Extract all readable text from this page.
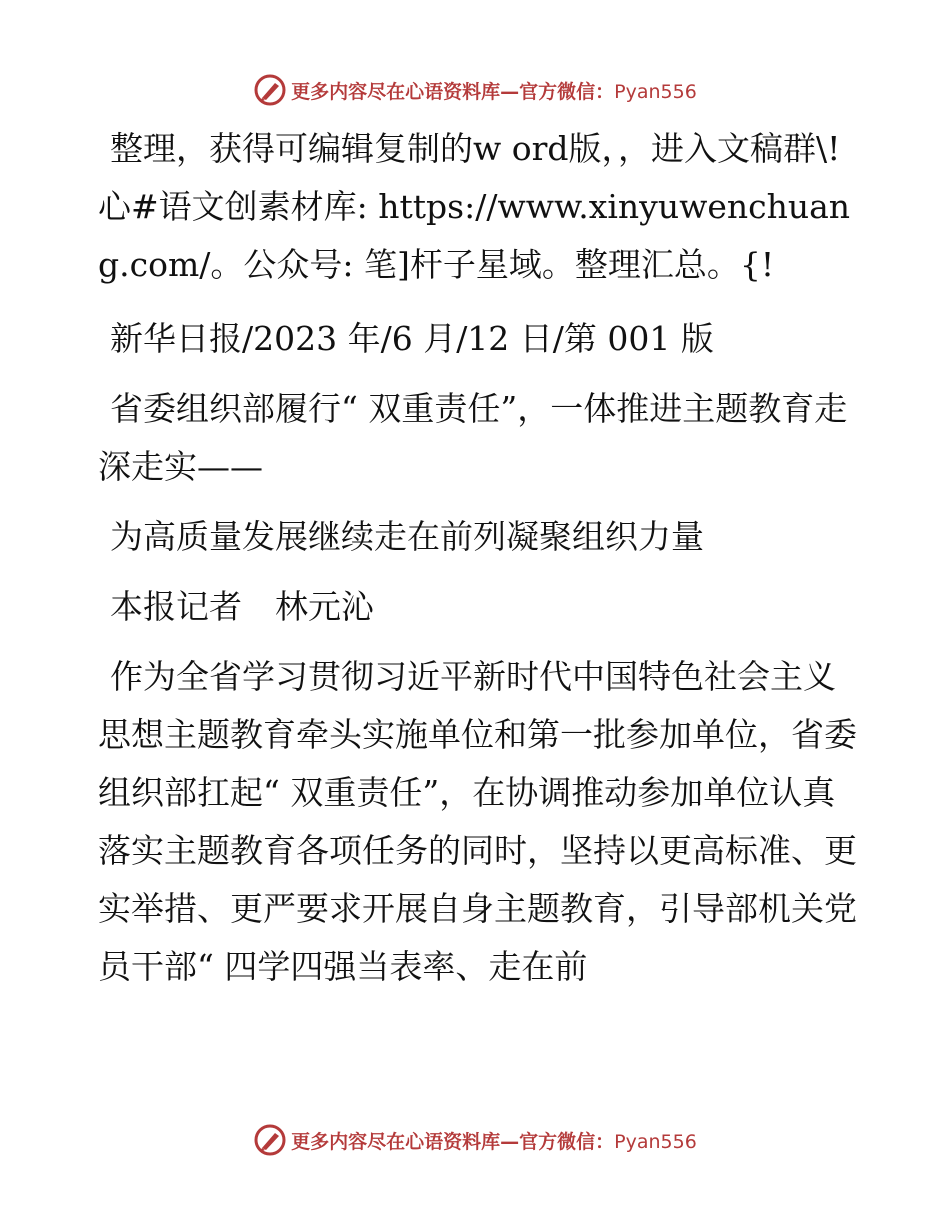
更多内容尽在心语资料库—官方微信：Pyan556

整理，获得可编辑复制的w ord版，，进入文稿群\! 心#语文创素材库: https://www.xinyuwenchuang.com/。公众号: 笔]杆子星域。整理汇总。{!

新华日报/2023 年/6 月/12 日/第 001 版

省委组织部履行“ 双重责任”，一体推进主题教育走深走实——

为高质量发展继续走在前列凝聚组织力量

本报记者　林元沁

作为全省学习贯彻习近平新时代中国特色社会主义思想主题教育牵头实施单位和第一批参加单位，省委组织部扛起“ 双重责任”，在协调推动参加单位认真落实主题教育各项任务的同时，坚持以更高标准、更实举措、更严要求开展自身主题教育，引导部机关党员干部“ 四学四强当表率、走在前

更多内容尽在心语资料库—官方微信：Pyan556
